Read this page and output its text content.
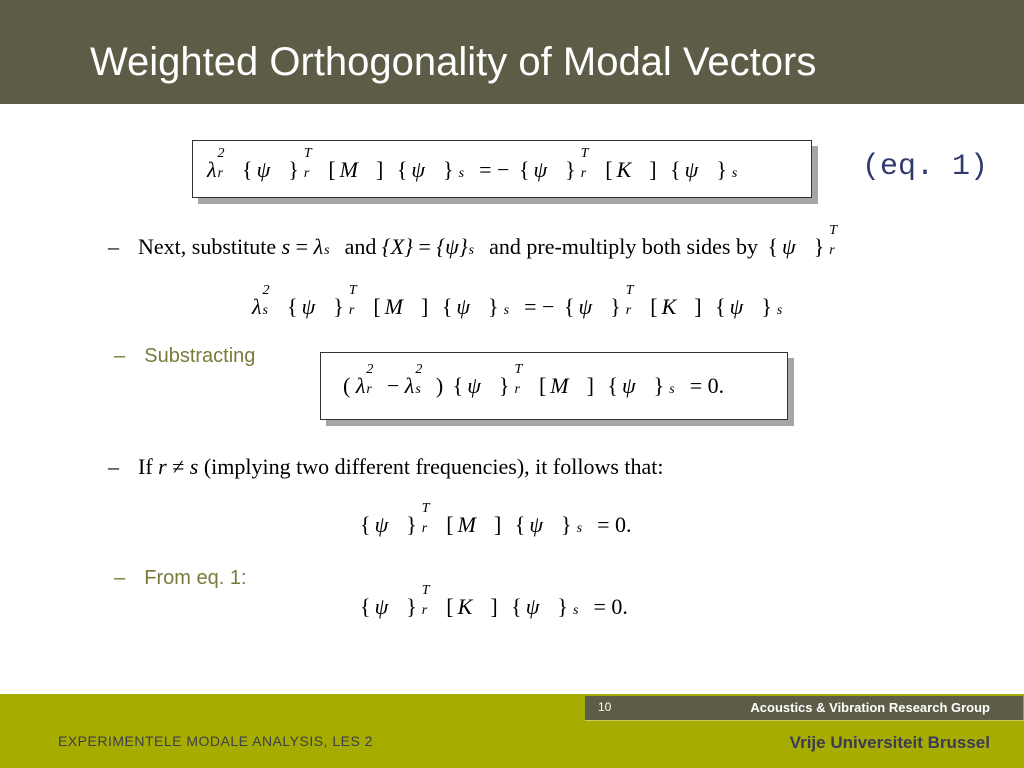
Weighted Orthogonality of Modal Vectors
λ
2
r { ψ }
T
r [ M ] { ψ } s = − { ψ }
T
r [ K ] { ψ } s	(eq. 1)
– Next, substitute s = λ s and {X} = {ψ} s and pre-multiply both sides by { ψ }
T
r
λ
2
s { ψ }
T
r [ M ] { ψ } s = − { ψ }
T
r [ K ] { ψ } s
– Substracting
( λ
2
r − λ
2
s ) { ψ }
T
r [ M ] { ψ } s = 0.
– If r ≠ s (implying two different frequencies), it follows that:
{ ψ }
T
r [ M ] { ψ } s = 0.
– From eq. 1:
{ ψ }
T
r [ K ] { ψ } s = 0.
10	Acoustics & Vibration Research Group
EXPERIMENTELE MODALE ANALYSIS, LES 2	Vrije Universiteit Brussel
